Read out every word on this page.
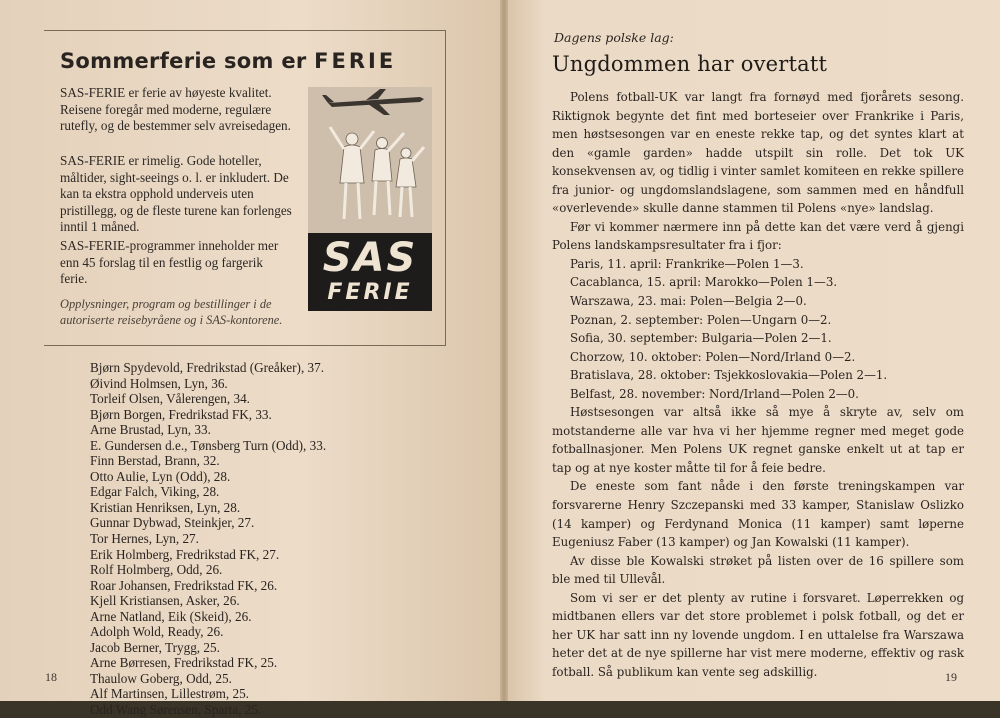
Sommerferie som er FERIE
SAS-FERIE er ferie av høyeste kvalitet. Reisene foregår med moderne, regulære rutefly, og de bestemmer selv avreisedagen.
SAS-FERIE er rimelig. Gode hoteller, måltider, sight-seeings o. l. er inkludert. De kan ta ekstra opphold underveis uten pristillegg, og de fleste turene kan forlenges inntil 1 måned.
SAS-FERIE-programmer inneholder mer enn 45 forslag til en festlig og fargerik ferie.
Opplysninger, program og bestillinger i de autoriserte reisebyråene og i SAS-kontorene.
SAS
FERIE
Bjørn Spydevold, Fredrikstad (Greåker), 37.
Øivind Holmsen, Lyn, 36.
Torleif Olsen, Vålerengen, 34.
Bjørn Borgen, Fredrikstad FK, 33.
Arne Brustad, Lyn, 33.
E. Gundersen d.e., Tønsberg Turn (Odd), 33.
Finn Berstad, Brann, 32.
Otto Aulie, Lyn (Odd), 28.
Edgar Falch, Viking, 28.
Kristian Henriksen, Lyn, 28.
Gunnar Dybwad, Steinkjer, 27.
Tor Hernes, Lyn, 27.
Erik Holmberg, Fredrikstad FK, 27.
Rolf Holmberg, Odd, 26.
Roar Johansen, Fredrikstad FK, 26.
Kjell Kristiansen, Asker, 26.
Arne Natland, Eik (Skeid), 26.
Adolph Wold, Ready, 26.
Jacob Berner, Trygg, 25.
Arne Børresen, Fredrikstad FK, 25.
Thaulow Goberg, Odd, 25.
Alf Martinsen, Lillestrøm, 25.
Odd Wang Sørensen, Sparta, 25.
18	19
Dagens polske lag:
Ungdommen har overtatt

Polens fotball-UK var langt fra fornøyd med fjorårets sesong. Riktignok begynte det fint med borteseier over Frankrike i Paris, men høstsesongen var en eneste rekke tap, og det syntes klart at den «gamle garden» hadde utspilt sin rolle. Det tok UK konsekvensen av, og tidlig i vinter samlet komiteen en rekke spillere fra junior- og ungdomslandslagene, som sammen med en håndfull «overlevende» skulle danne stammen til Polens «nye» landslag.

Før vi kommer nærmere inn på dette kan det være verd å gjengi Polens landskampsresultater fra i fjor:

Paris, 11. april: Frankrike—Polen 1—3.
Cacablanca, 15. april: Marokko—Polen 1—3.
Warszawa, 23. mai: Polen—Belgia 2—0.
Poznan, 2. september: Polen—Ungarn 0—2.
Sofia, 30. september: Bulgaria—Polen 2—1.
Chorzow, 10. oktober: Polen—Nord/Irland 0—2.
Bratislava, 28. oktober: Tsjekkoslovakia—Polen 2—1.
Belfast, 28. november: Nord/Irland—Polen 2—0.

Høstsesongen var altså ikke så mye å skryte av, selv om motstanderne alle var hva vi her hjemme regner med meget gode fotballnasjoner. Men Polens UK regnet ganske enkelt ut at tap er tap og at nye koster måtte til for å feie bedre.

De eneste som fant nåde i den første treningskampen var forsvarerne Henry Szczepanski med 33 kamper, Stanislaw Oslizko (14 kamper) og Ferdynand Monica (11 kamper) samt løperne Eugeniusz Faber (13 kamper) og Jan Kowalski (11 kamper).

Av disse ble Kowalski strøket på listen over de 16 spillere som ble med til Ullevål.

Som vi ser er det plenty av rutine i forsvaret. Løperrekken og midtbanen ellers var det store problemet i polsk fotball, og det er her UK har satt inn ny lovende ungdom. I en uttalelse fra Warszawa heter det at de nye spillerne har vist mere moderne, effektiv og rask fotball. Så publikum kan vente seg adskillig.
